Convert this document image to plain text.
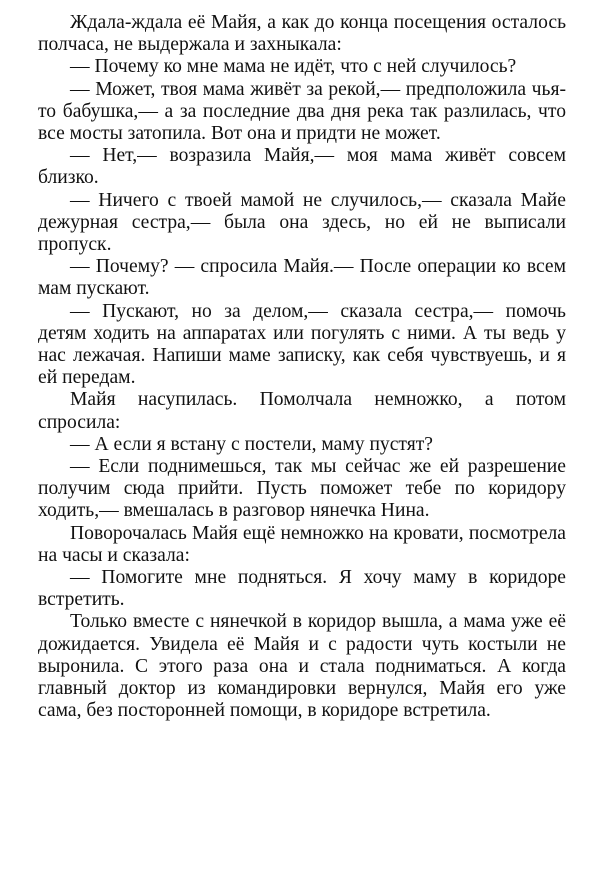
Ждала-ждала её Майя, а как до конца посещения осталось полчаса, не выдержала и захныкала:

— Почему ко мне мама не идёт, что с ней случилось?

— Может, твоя мама живёт за рекой,— предположила чья-то бабушка,— а за последние два дня река так разлилась, что все мосты затопила. Вот она и придти не может.

— Нет,— возразила Майя,— моя мама живёт совсем близко.

— Ничего с твоей мамой не случилось,— сказала Майе дежурная сестра,— была она здесь, но ей не выписали пропуск.

— Почему? — спросила Майя.— После операции ко всем мам пускают.

— Пускают, но за делом,— сказала сестра,— помочь детям ходить на аппаратах или погулять с ними. А ты ведь у нас лежачая. Напиши маме записку, как себя чувствуешь, и я ей передам.

Майя насупилась. Помолчала немножко, а потом спросила:

— А если я встану с постели, маму пустят?

— Если поднимешься, так мы сейчас же ей разрешение получим сюда прийти. Пусть поможет тебе по коридору ходить,— вмешалась в разговор нянечка Нина.

Поворочалась Майя ещё немножко на кровати, посмотрела на часы и сказала:

— Помогите мне подняться. Я хочу маму в коридоре встретить.

Только вместе с нянечкой в коридор вышла, а мама уже её дожидается. Увидела её Майя и с радости чуть костыли не выронила. С этого раза она и стала подниматься. А когда главный доктор из командировки вернулся, Майя его уже сама, без посторонней помощи, в коридоре встретила.
